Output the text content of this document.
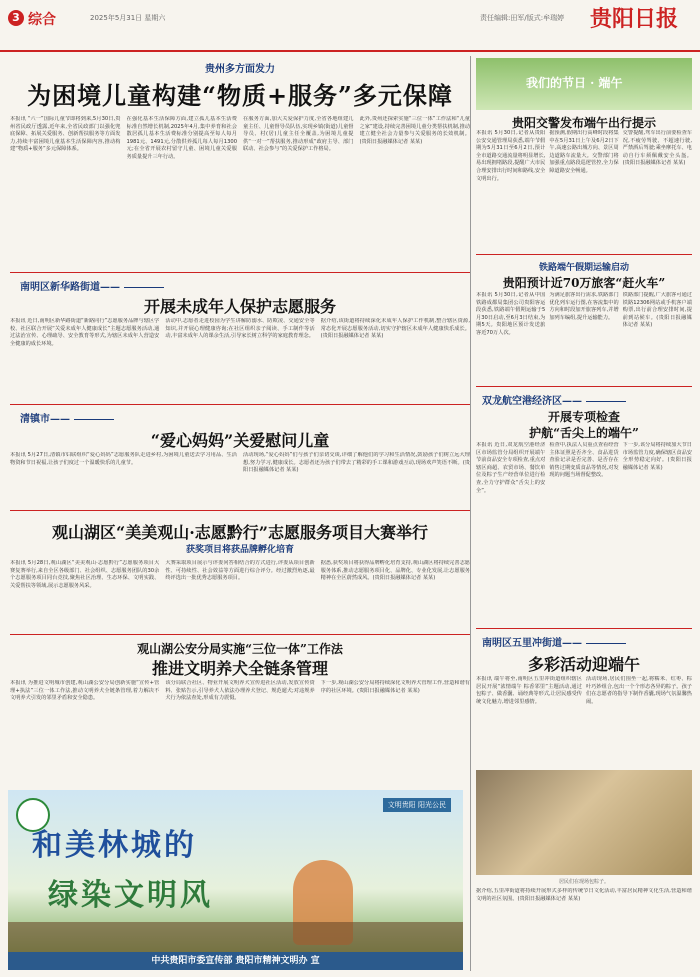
3 综合	2025年5月31日 星期六	责任编辑:田军/版式:牟瑞婷 贵阳日报
贵州多方面发力
为困境儿童构建“物质+服务”多元保障
本报讯 “六一”国际儿童节即将到来,5月30日,贵州省民政厅透露,近年来,全省民政部门以强化兜底保障、拓展关爱服务、创新帮扶服务等方面发力,持续丰富困境儿童基本生活保障内容,推动构建“物质+服务”多元保障体系。
在强化基本生活保障方面,建立孤儿基本生活费标准自然增长机制,2025年4月,集中养育和社会散居孤儿基本生活费标准分别提高至每人每月1981元、1491元,分散供养孤儿每人每月1300元;在全省开展农村留守儿童、困境儿童关爱服务质量提升三年行动。
在服务方面,加大关爱保护力度,全省各地组建儿童主任、儿童督导员队伍,实现乡镇(街道)儿童督导员、村(居)儿童主任全覆盖,为困境儿童提供“一对一”帮扶服务,推动形成“政府主导、部门联动、社会参与”的关爱保护工作格局。
此外,贵州还探索实施“三位一体”工作法和“儿童之家”建设,持续完善困境儿童分类帮扶机制,推动建立健全社会力量参与关爱服务的长效机制。(贵阳日报融媒体记者 某某)
南明区新华路街道——
开展未成年人保护志愿服务
本报讯 近日,南明区新华路街道“新路同行”志愿服务品牌与辖区学校、社区联合开展“关爱未成年人健康成长”主题志愿服务活动,通过法治宣传、心理疏导、安全教育等形式,为辖区未成年人营造安全健康的成长环境。
活动中,志愿者走进校园为学生讲解防溺水、防欺凌、交通安全等知识,并开展心理健康咨询;在社区组织亲子阅读、手工制作等活动,丰富未成年人的课余生活,引导家长树立科学的家庭教育理念。
据介绍,该街道将持续深化未成年人保护工作机制,整合辖区资源,常态化开展志愿服务活动,切实守护辖区未成年人健康快乐成长。(贵阳日报融媒体记者 某某)
清镇市——
“爱心妈妈”关爱慰问儿童
本报讯 5月27日,清镇市妇联组织“爱心妈妈”志愿服务队走进乡村,为困境儿童送去学习用品、生活物资和节日祝福,让孩子们度过一个温暖快乐的儿童节。
活动现场,“爱心妈妈”们与孩子们亲切交谈,详细了解他们的学习和生活情况,鼓励孩子们树立远大理想,努力学习,健康成长。志愿者还为孩子们带去了精彩的手工课和游戏互动,现场欢声笑语不断。(贵阳日报融媒体记者 某某)
观山湖区“美美观山·志愿黔行”志愿服务项目大赛举行
获奖项目将获品牌孵化培育
本报讯 5月28日,观山湖区“美美观山·志愿黔行”志愿服务项目大赛复赛举行,来自全区各级部门、社会组织、志愿服务团队的30余个志愿服务项目同台竞技,聚焦社区治理、生态环保、文明实践、关爱帮扶等领域,展示志愿服务风采。
大赛采取项目展示与评委问答相结合的方式进行,评委从项目创新性、可持续性、社会效益等方面进行综合评分。经过激烈角逐,最终评选出一批优秀志愿服务项目。
据悉,获奖项目将获得品牌孵化培育支持,观山湖区将持续完善志愿服务体系,推动志愿服务项目化、品牌化、专业化发展,让志愿服务精神在全区蔚然成风。(贵阳日报融媒体记者 某某)
观山湖公安分局实施“三位一体”工作法
推进文明养犬全链条管理
本报讯 为推进文明城市创建,观山湖公安分局创新实施“宣传+管理+执法”三位一体工作法,推动文明养犬全链条管理,着力解决不文明养犬引发的邻里矛盾和安全隐患。
该分局联合社区、物业开展文明养犬宣传进社区活动,发放宣传资料、张贴告示,引导养犬人依法办理养犬登记、规范遛犬;对违规养犬行为依法查处,形成有力震慑。
下一步,观山湖公安分局将持续深化文明养犬管理工作,营造和谐有序的社区环境。(贵阳日报融媒体记者 某某)
文明贵阳 阳光公民
和美林城的
绿染文明风
中共贵阳市委宣传部 贵阳市精神文明办 宣
我们的节日 · 端午
贵阳交警发布端午出行提示
本报讯 5月30日,记者从贵阳公安交通管理局获悉,端午节假期为5月31日至6月2日,预计全市道路交通流量将明显增长,易出现拥堵路段,提醒广大市民合理安排出行时间和路线,安全文明出行。
据预测,假期出行高峰时段将集中在5月31日上午及6月2日下午,高速公路出城方向、景区周边道路车流量大。交警部门将加强重点路段巡逻管控,全力保障道路安全畅通。
交警提醒,驾车出行前要检查车况,不疲劳驾驶、不超速行驶,严禁酒后驾驶;乘坐摩托车、电动自行车须佩戴安全头盔。(贵阳日报融媒体记者 某某)
铁路端午假期运输启动
贵阳预计近70万旅客“赶火车”
本报讯 5月30日,记者从中国铁路成都局集团公司贵阳客运段获悉,铁路端午假期运输于5月30日启动,至6月3日结束,为期5天。贵阳地区预计发送旅客近70万人次。
为满足旅客出行需求,铁路部门优化列车运行图,在客流集中的方向和时段加开旅客列车,并增加列车编组,提升运输能力。
铁路部门提醒,广大旅客可通过铁路12306网站或手机客户端购票,出行前合理安排时间,提前到站候车。(贵阳日报融媒体记者 某某)
双龙航空港经济区——
开展专项检查
护航“舌尖上的端午”
本报讯 近日,双龙航空港经济区市场监管分局组织开展端午节前食品安全专项检查,重点对辖区商超、农贸市场、餐饮单位及粽子生产经营单位进行检查,全力守护群众“舌尖上的安全”。
检查中,执法人员重点查看经营主体证照是否齐全、食品进货查验记录是否完善、是否存在销售过期变质食品等情况,对发现的问题当场督促整改。
下一步,该分局将持续加大节日市场监管力度,确保辖区食品安全形势稳定向好。(贵阳日报融媒体记者 某某)
南明区五里冲街道——
多彩活动迎端午
本报讯 端午将至,南明区五里冲街道组织辖区居民开展“浓情端午 粽香邻里”主题活动,通过包粽子、做香囊、诵经典等形式,让居民感受传统文化魅力,增进邻里感情。
活动现场,居民们围坐一起,将糯米、红枣、粽叶巧妙组合,包出一个个形态各异的粽子。孩子们在志愿者的指导下制作香囊,现场气氛温馨热闹。
居民们在现场包粽子。
据介绍,五里冲街道将持续开展形式多样的传统节日文化活动,丰富居民精神文化生活,营造和谐文明的社区氛围。(贵阳日报融媒体记者 某某)
